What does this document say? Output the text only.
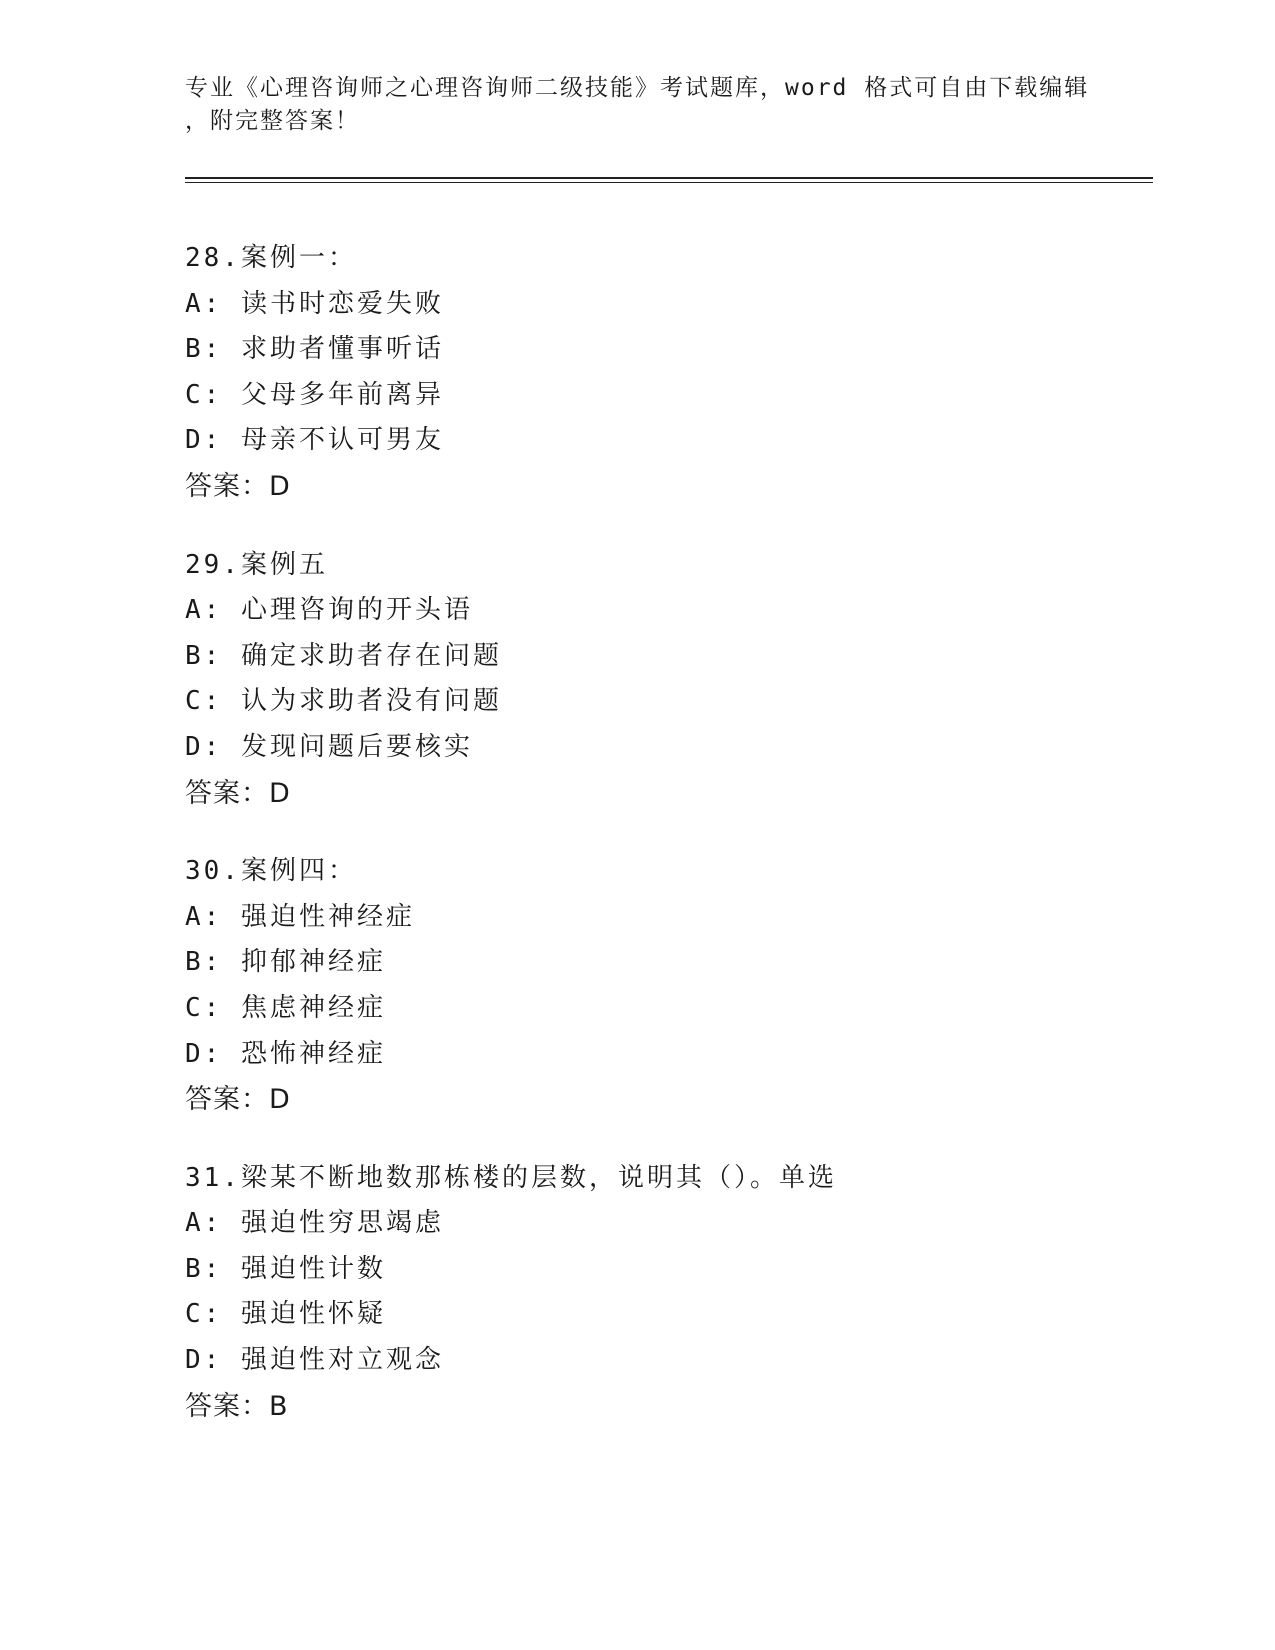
专业《心理咨询师之心理咨询师二级技能》考试题库，word 格式可自由下载编辑
，附完整答案！
28.案例一：
A: 读书时恋爱失败
B: 求助者懂事听话
C: 父母多年前离异
D: 母亲不认可男友
答案：D
29.案例五
A: 心理咨询的开头语
B: 确定求助者存在问题
C: 认为求助者没有问题
D: 发现问题后要核实
答案：D
30.案例四：
A: 强迫性神经症
B: 抑郁神经症
C: 焦虑神经症
D: 恐怖神经症
答案：D
31.梁某不断地数那栋楼的层数，说明其（）。单选
A: 强迫性穷思竭虑
B: 强迫性计数
C: 强迫性怀疑
D: 强迫性对立观念
答案：B
